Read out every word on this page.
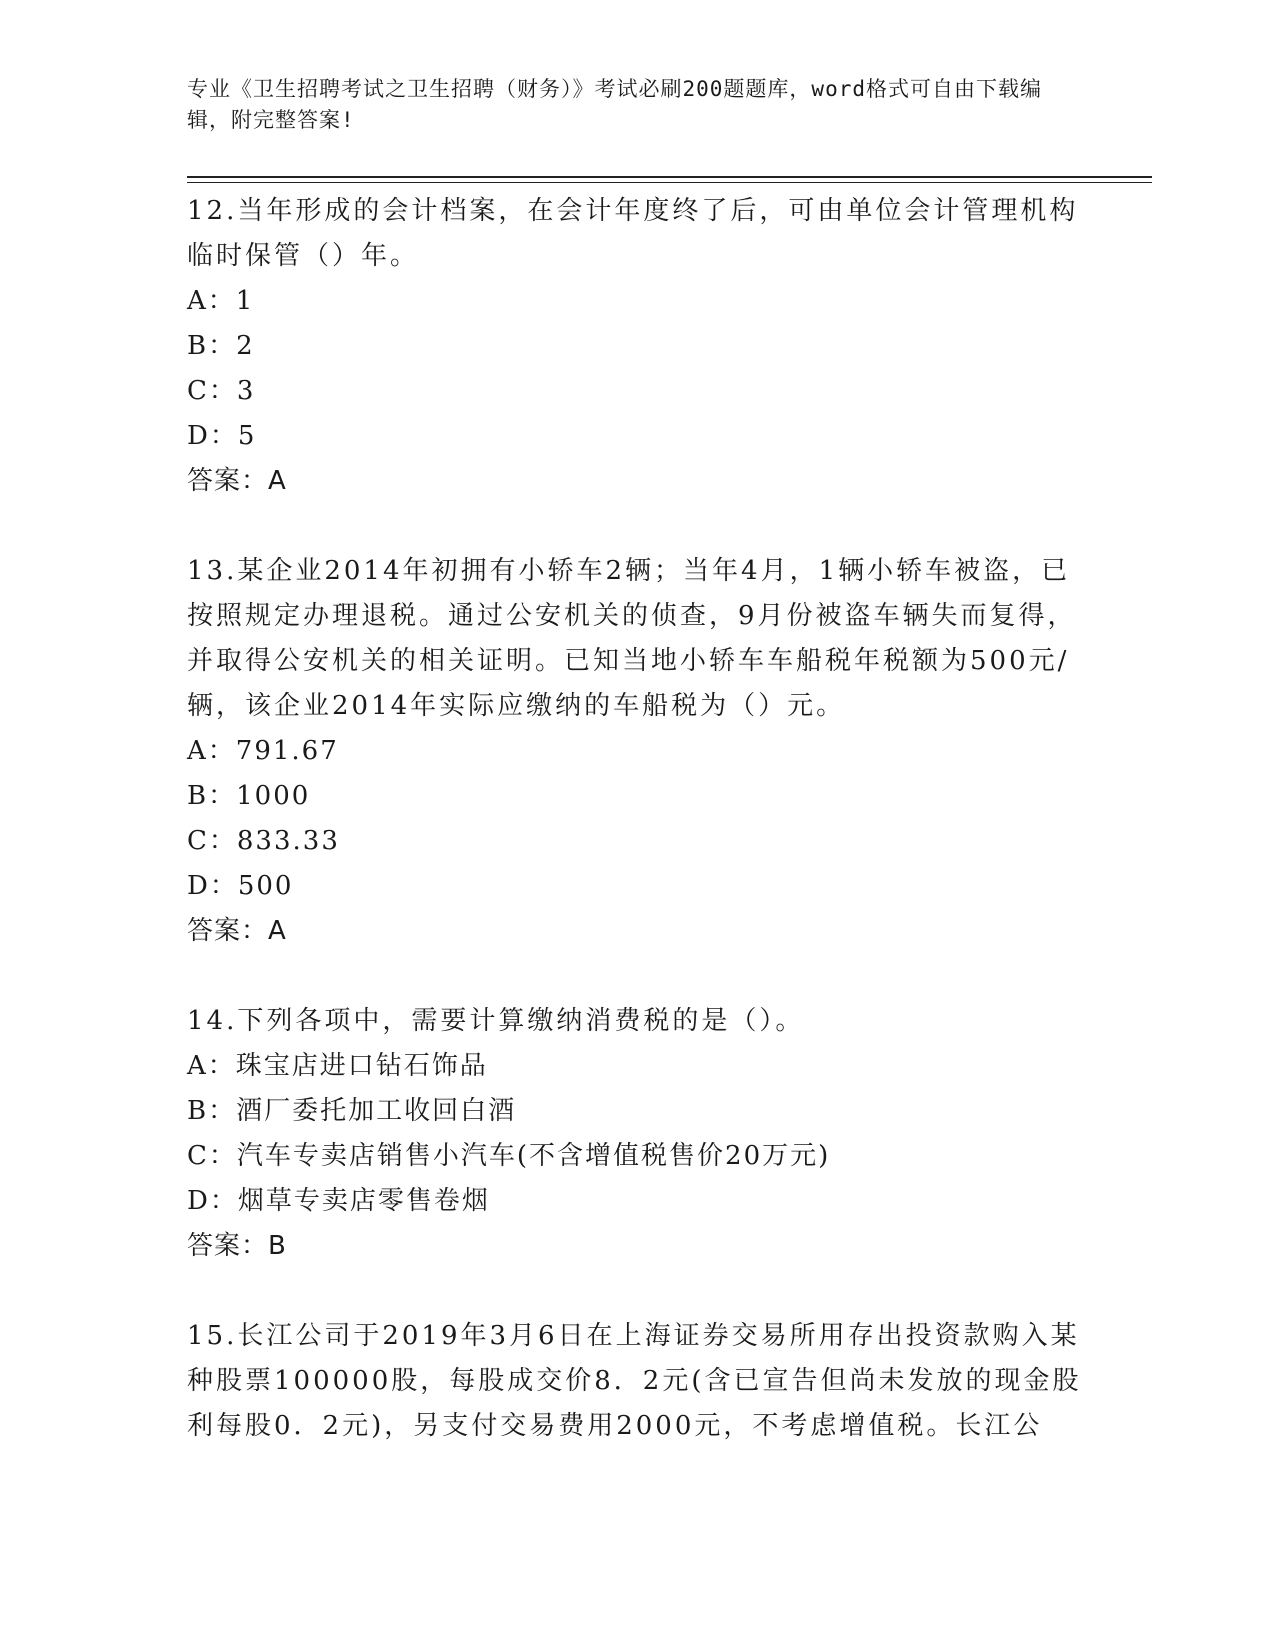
专业《卫生招聘考试之卫生招聘（财务）》考试必刷200题题库，word格式可自由下载编辑，附完整答案!

12.当年形成的会计档案，在会计年度终了后，可由单位会计管理机构临时保管（）年。

A：1

B：2

C：3

D：5

答案：A

13.某企业2014年初拥有小轿车2辆；当年4月，1辆小轿车被盗，已按照规定办理退税。通过公安机关的侦查，9月份被盗车辆失而复得，并取得公安机关的相关证明。已知当地小轿车车船税年税额为500元/辆，该企业2014年实际应缴纳的车船税为（）元。

A：791.67

B：1000

C：833.33

D：500

答案：A

14.下列各项中，需要计算缴纳消费税的是（）。

A：珠宝店进口钻石饰品

B：酒厂委托加工收回白酒

C：汽车专卖店销售小汽车(不含增值税售价20万元)

D：烟草专卖店零售卷烟

答案：B

15.长江公司于2019年3月6日在上海证券交易所用存出投资款购入某种股票100000股，每股成交价8．2元(含已宣告但尚未发放的现金股利每股0．2元)，另支付交易费用2000元，不考虑增值税。长江公
